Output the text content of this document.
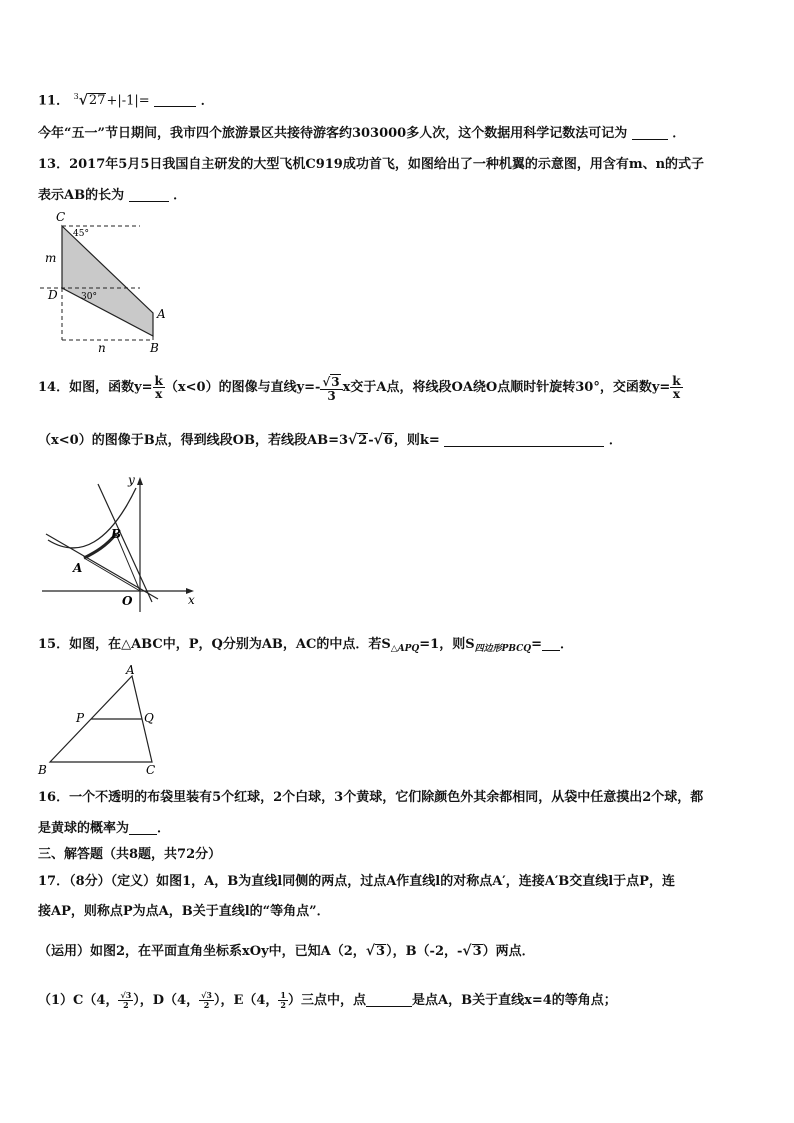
11． $^3$√27+|-1|=	．
今年“五一”节日期间，我市四个旅游景区共接待游客约303000多人次，这个数据用科学记数法可记为	．
13．2017年5月5日我国自主研发的大型飞机C919成功首飞，如图给出了一种机翼的示意图，用含有m、n的式子
表示AB的长为	．
C
45°
m
D	30°
A
n	B
14．如图，函数$y= \frac{k}{x} (x<0)$的图像与直线$y=- \frac{√3}{3}$ x交于A点，将线段OA绕O点顺时针旋转30°，交函数$y= \frac{k}{x}$
（x<0）的图像于B点，得到线段OB，若线段AB=3√2-√6，则k=	．
y
B
A
O	x
15．如图，在△ABC中，P，Q分别为AB，AC的中点．若$S_{\triangle APQ}=1$，则$S_{四边形PBCQ}=$ ．
A
P	Q
B	C
16．一个不透明的布袋里装有5个红球，2个白球，3个黄球，它们除颜色外其余都相同，从袋中任意摸出2个球，都
是黄球的概率为 ．
三、解答题（共8题，共72分）
17．（8分）（定义）如图1，A，B为直线l同侧的两点，过点A作直线l的对称点A′，连接A′B交直线l于点P，连
接AP，则称点P为点A，B关于直线l的“等角点”．
（运用）如图2，在平面直角坐标系xOy中，已知A（2，√3），B（-2，-√3）两点．
（1）C（4， $\frac{√3}{2}$ ），D（4， $\frac{√3}{2}$ ），E（4， $\frac{1}{2}$ ）三点中，点	是点A，B关于直线x=4的等角点；
